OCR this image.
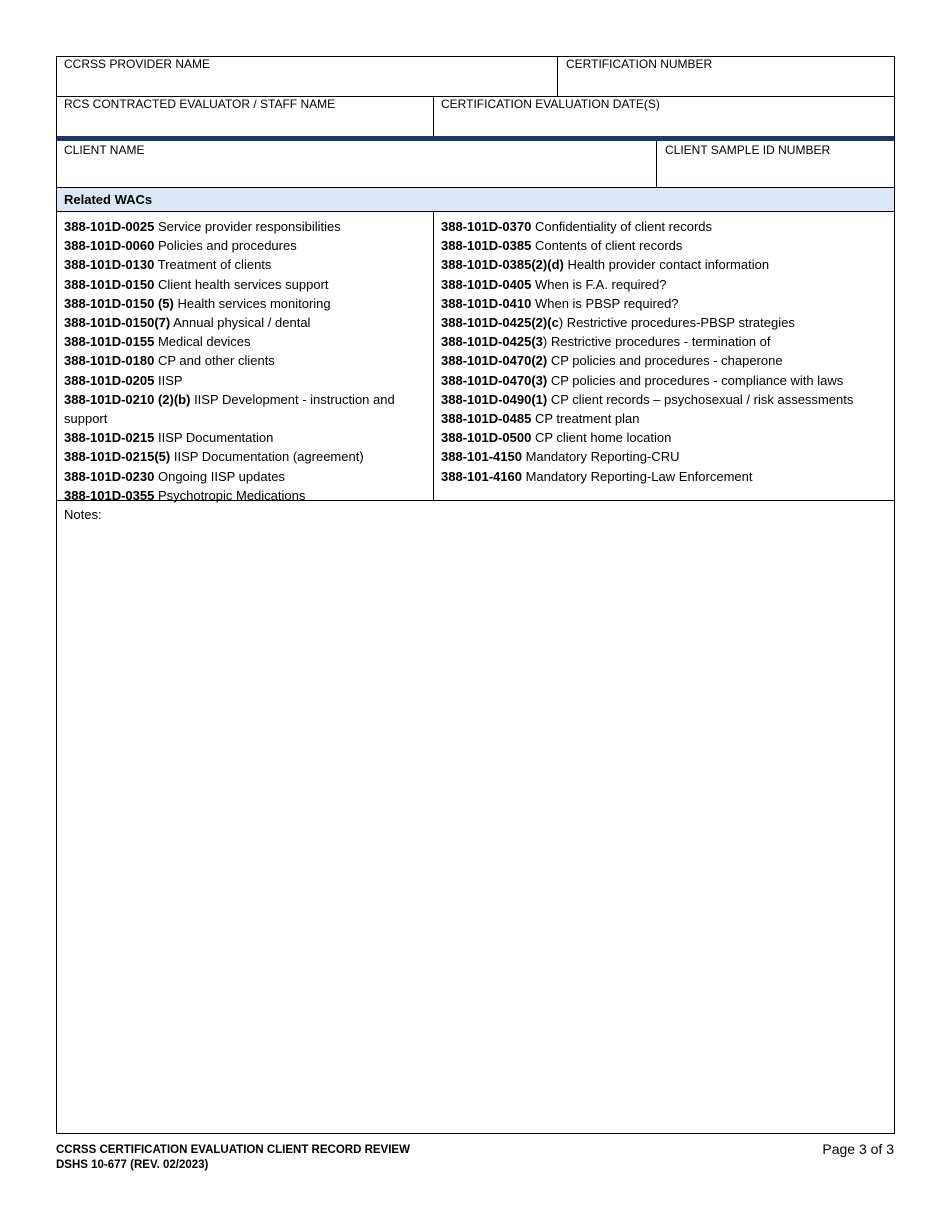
CCRSS PROVIDER NAME	CERTIFICATION NUMBER
RCS CONTRACTED EVALUATOR / STAFF NAME	CERTIFICATION EVALUATION DATE(S)
CLIENT NAME	CLIENT SAMPLE ID NUMBER
Related WACs
388-101D-0025 Service provider responsibilities
388-101D-0060 Policies and procedures
388-101D-0130 Treatment of clients
388-101D-0150 Client health services support
388-101D-0150 (5) Health services monitoring
388-101D-0150(7) Annual physical / dental
388-101D-0155 Medical devices
388-101D-0180 CP and other clients
388-101D-0205 IISP
388-101D-0210 (2)(b) IISP Development - instruction and support
388-101D-0215 IISP Documentation
388-101D-0215(5) IISP Documentation (agreement)
388-101D-0230 Ongoing IISP updates
388-101D-0355 Psychotropic Medications
388-101D-0370 Confidentiality of client records
388-101D-0385 Contents of client records
388-101D-0385(2)(d) Health provider contact information
388-101D-0405 When is F.A. required?
388-101D-0410 When is PBSP required?
388-101D-0425(2)(c) Restrictive procedures-PBSP strategies
388-101D-0425(3) Restrictive procedures - termination of
388-101D-0470(2) CP policies and procedures - chaperone
388-101D-0470(3) CP policies and procedures - compliance with laws
388-101D-0490(1) CP client records – psychosexual / risk assessments
388-101D-0485 CP treatment plan
388-101D-0500 CP client home location
388-101-4150 Mandatory Reporting-CRU
388-101-4160 Mandatory Reporting-Law Enforcement
Notes:
CCRSS CERTIFICATION EVALUATION CLIENT RECORD REVIEW
DSHS 10-677 (REV. 02/2023)
Page 3 of 3
